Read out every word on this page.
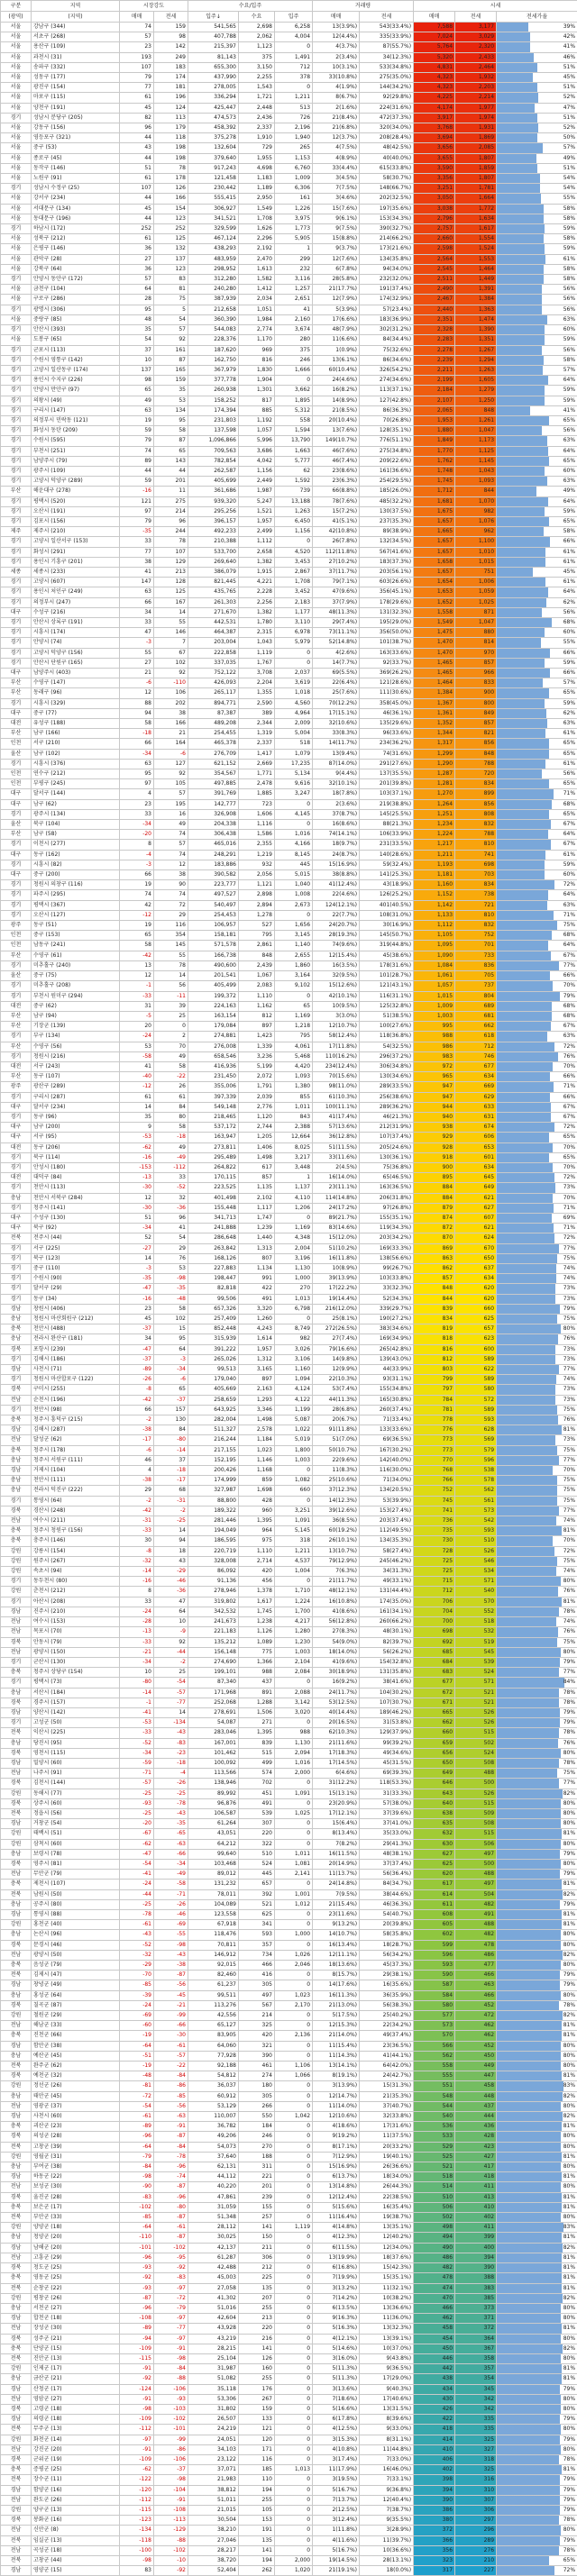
구분	지역	시장강도		수요/입주			거래량		시세		
(광역)	(지역)	매매	전세	입주↓	수요	입주	매매	전세	매매	전세	전세가율
서울	강남구 (344)	74	159	541,565	2,698	6,258	13(3.9%)	543(33.4%)	7,588	3,177	39%

서울	서초구 (268)	57	98	407,788	2,062	4,004	12(4.4%)	335(33.9%)	7,024	3,029	42%

서울	용산구 (109)	23	142	215,397	1,123	0	4(3.7%)	87(55.7%)	5,764	2,320	41%

서울	과천시 (31)	193	249	81,143	375	1,491	2(3.4%)	34(12.3%)	5,320	2,433	46%

서울	송파구 (332)	107	183	655,300	3,150	712	10(3.1%)	533(34.8%)	4,831	2,464	51%

서울	성동구 (177)	79	174	437,990	2,255	378	33(10.8%)	275(35.0%)	4,323	1,932	45%

서울	광진구 (154)	77	181	278,005	1,543	0	4(1.9%)	144(34.2%)	4,323	2,203	51%

서울	마포구 (115)	61	196	336,294	1,721	1,211	8(6.7%)	92(29.8%)	4,225	2,214	52%

서울	양천구 (191)	45	124	425,447	2,448	513	2(1.6%)	224(31.6%)	4,174	1,977	47%

경기	성남시 분당구 (205)	82	113	474,573	2,436	726	21(8.4%)	472(37.3%)	3,917	1,974	51%

서울	강동구 (156)	96	179	458,392	2,337	2,196	21(6.8%)	320(34.0%)	3,768	1,931	52%

서울	영등포구 (321)	44	118	375,278	1,910	1,940	12(3.7%)	208(28.4%)	3,694	1,869	50%

서울	중구 (53)	43	198	132,604	729	265	4(7.5%)	48(42.5%)	3,656	2,085	57%

서울	종로구 (45)	44	198	379,640	1,955	1,153	4(8.9%)	40(40.0%)	3,655	1,807	49%

서울	동작구 (146)	51	78	917,243	4,698	6,760	33(4.4%)	615(33.8%)	3,590	1,859	51%

서울	노원구 (91)	61	178	121,458	1,183	1,009	3(4.5%)	58(30.7%)	3,356	1,807	54%

경기	성남시 수정구 (25)	107	126	230,442	1,189	6,306	7(7.5%)	148(66.7%)	3,251	1,781	54%

서울	강서구 (234)	44	166	555,415	2,950	161	3(4.6%)	202(32.5%)	3,050	1,664	55%

서울	서대문구 (134)	45	154	306,927	1,549	1,226	15(7.6%)	197(35.6%)	3,038	1,772	58%

서울	동대문구 (196)	44	123	341,521	1,708	3,975	9(6.1%)	153(34.3%)	2,796	1,634	58%

경기	하남시 (172)	252	252	329,599	1,626	1,773	9(7.5%)	390(32.7%)	2,757	1,617	59%

서울	성북구 (212)	61	125	467,124	2,296	5,905	15(8.8%)	214(66.2%)	2,660	1,554	58%

서울	은평구 (146)	36	132	438,293	2,192	1	9(3.7%)	173(21.6%)	2,598	1,524	59%

서울	관악구 (28)	27	137	483,959	2,470	299	12(7.6%)	134(35.8%)	2,564	1,553	61%

서울	강북구 (64)	36	123	298,952	1,613	232	6(7.8%)	94(34.0%)	2,545	1,464	58%

경기	안양시 동안구 (172)	57	83	312,280	1,582	3,116	28(5.8%)	232(32.0%)	2,511	1,449	58%

서울	금천구 (104)	64	81	240,280	1,412	1,257	21(17.7%)	191(37.4%)	2,490	1,391	56%

서울	구로구 (286)	28	75	387,939	2,034	2,651	12(7.9%)	174(32.9%)	2,467	1,384	56%

경기	광명시 (306)	95	5	212,658	1,051	41	5(3.9%)	57(23.4%)	2,440	1,363	56%

서울	중랑구 (85)	48	54	360,390	1,984	2,160	17(6.6%)	183(36.9%)	2,351	1,474	63%

경기	안산시 (393)	35	57	544,083	2,774	3,674	48(7.9%)	302(31.2%)	2,328	1,390	60%

서울	도봉구 (65)	54	92	228,376	1,170	280	11(6.6%)	84(34.4%)	2,283	1,351	59%

경기	군포시 (113)	37	161	187,620	969	375	1(0.9%)	75(32.6%)	2,278	1,267	56%

경기	수원시 영통구 (142)	10	87	162,750	816	246	13(6.1%)	86(34.6%)	2,239	1,294	58%

경기	고양시 일산동구 (174)	137	165	367,979	1,830	1,666	60(10.4%)	326(54.2%)	2,211	1,263	57%

경기	용인시 수지구 (226)	98	159	377,778	1,904	0	24(4.6%)	274(34.6%)	2,199	1,605	64%

경기	안양시 만안구 (97)	65	35	260,938	1,301	3,662	16(8.2%)	113(37.1%)	2,184	1,279	59%

경기	의왕시 (49)	49	53	158,252	817	1,895	14(8.9%)	127(42.8%)	2,107	1,250	59%

경기	구리시 (147)	63	134	174,394	885	5,312	21(8.5%)	86(36.3%)	2,065	848	41%

경기	의정부시 민락동 (121)	19	95	231,803	1,192	558	20(10.4%)	70(26.8%)	1,953	1,261	65%

경기	화성시 동탄 (209)	59	58	137,598	1,057	1,594	13(7.6%)	128(35.1%)	1,880	1,047	56%

경기	수원시 (595)	79	87	1,096,866	5,996	13,790	149(10.7%)	776(51.1%)	1,849	1,173	63%

경기	부천시 (251)	74	65	709,563	3,686	1,663	46(7.6%)	275(34.8%)	1,770	1,125	64%

경기	남양주시 (79)	89	143	782,854	4,042	5,777	46(7.4%)	209(22.6%)	1,762	1,145	65%

경기	광주시 (109)	44	44	262,587	1,156	62	23(8.6%)	161(36.6%)	1,748	1,043	60%

경기	고양시 덕양구 (289)	59	201	405,699	2,449	1,592	23(6.3%)	254(29.5%)	1,745	1,093	63%

부산	해운대구 (278)	-16	11	361,686	1,987	739	66(8.8%)	185(26.0%)	1,712	844	49%

경기	평택시 (520)	121	275	939,320	5,247	13,188	78(7.6%)	485(32.2%)	1,681	1,070	64%

경기	오산시 (191)	97	214	295,256	1,521	1,263	15(7.2%)	130(37.5%)	1,675	982	59%

경기	김포시 (156)	79	96	396,157	1,957	6,450	41(5.1%)	237(35.3%)	1,657	1,076	65%

제주	제주시 (210)	-35	244	492,233	2,499	1,156	42(10.8%)	89(38.9%)	1,665	962	58%

경기	고양시 일산서구 (153)	33	78	210,388	1,112	0	26(7.8%)	132(34.5%)	1,657	1,100	66%

경기	화성시 (291)	77	107	533,700	2,658	4,520	112(11.8%)	567(41.6%)	1,657	1,010	61%

경기	용인시 기흥구 (201)	38	129	269,640	1,382	3,453	27(10.2%)	183(37.3%)	1,658	1,015	61%

세종	세종시 (233)	41	213	386,079	1,915	2,867	37(11.7%)	203(56.1%)	1,657	751	45%

경기	고양시 (607)	147	128	821,445	4,221	1,708	79(7.1%)	603(26.6%)	1,654	1,006	61%

경기	용인시 처인구 (249)	63	125	435,765	2,228	3,452	47(9.6%)	356(45.1%)	1,653	1,059	64%

경기	의정부시 (247)	66	167	261,303	2,256	2,183	37(7.9%)	178(29.6%)	1,652	1,025	62%

대구	수성구 (216)	34	14	271,670	1,382	1,177	48(11.3%)	131(32.3%)	1,558	871	56%

경기	안산시 상록구 (191)	33	55	442,531	1,780	3,110	29(7.4%)	195(29.0%)	1,549	1,047	68%

경기	시흥시 (174)	47	146	464,387	2,315	6,978	73(11.1%)	356(50.0%)	1,475	880	60%

경기	안양시 (74)	-3	7	203,004	1,043	5,979	52(14.8%)	101(38.7%)	1,470	814	55%

경기	고양시 덕양구 (156)	55	67	222,858	1,119	0	4(2.6%)	163(33.6%)	1,470	970	66%

경기	안산시 단원구 (165)	27	102	337,035	1,767	0	14(7.7%)	92(33.7%)	1,465	857	59%

대구	남양주시 (403)	21	92	752,122	3,708	2,037	69(5.5%)	369(26.2%)	1,465	966	66%

부산	수영구 (147)	-6	-110	426,093	2,204	3,619	22(6.4%)	121(28.6%)	1,464	833	57%

부산	동래구 (96)	12	106	265,117	1,355	1,018	25(7.6%)	111(30.6%)	1,384	900	65%

경기	시흥시 (329)	88	202	894,771	2,590	4,560	70(12.2%)	358(45.0%)	1,367	800	59%

대구	중구 (77)	94	38	87,387	389	4,964	17(15.1%)	46(36.1%)	1,361	849	62%

대전	유성구 (188)	58	166	489,208	2,344	2,009	32(10.6%)	135(29.6%)	1,352	857	63%

부산	남구 (166)	-18	21	254,455	1,319	5,004	33(8.3%)	96(33.6%)	1,344	821	61%

인천	서구 (210)	66	164	465,378	2,337	518	14(11.7%)	234(36.2%)	1,317	856	65%

울산	남구 (102)	-34	-6	276,709	1,417	1,079	13(9.4%)	74(31.6%)	1,299	848	65%

경기	시흥시 (376)	63	127	621,152	2,669	17,235	87(14.0%)	291(27.6%)	1,290	788	61%

인천	연수구 (212)	95	92	354,567	1,771	5,134	9(4.4%)	137(35.5%)	1,287	720	56%

인천	부평구 (245)	97	105	497,885	2,478	9,616	32(10.1%)	201(39.8%)	1,281	834	65%

대구	달서구 (144)	4	57	391,769	1,885	3,247	18(7.8%)	103(37.1%)	1,270	899	71%

대구	남구 (62)	23	195	142,777	723	0	2(3.6%)	219(38.8%)	1,264	856	68%

경기	광주시 (134)	33	16	326,908	1,606	4,145	37(8.7%)	145(25.5%)	1,251	808	65%

울산	북구 (104)	-34	49	204,338	1,116	0	16(8.6%)	88(21.3%)	1,234	832	67%

부산	남구 (58)	-20	74	306,438	1,586	1,016	74(14.1%)	106(33.9%)	1,224	788	64%

경기	이천시 (277)	8	57	465,016	2,355	4,166	18(9.7%)	231(33.5%)	1,217	810	67%

대구	동구 (162)	-4	74	248,291	1,219	8,145	24(8.7%)	140(28.6%)	1,211	741	61%

경기	시흥시 (82)	-3	12	183,886	932	445	15(16.9%)	59(32.4%)	1,193	698	59%

대구	중구 (200)	66	38	390,582	2,056	5,015	38(8.8%)	141(25.3%)	1,181	703	60%

경기	청원시 의창구 (116)	19	90	223,777	1,121	1,040	41(12.4%)	43(18.9%)	1,160	834	72%

경기	파주시 (295)	74	74	497,527	2,898	1,008	22(4.6%)	126(25.2%)	1,152	738	64%

경기	평택시 (367)	42	72	540,497	2,894	2,673	124(12.1%)	401(40.5%)	1,142	721	63%

경기	오산시 (127)	-12	29	254,453	1,278	0	22(7.7%)	108(31.0%)	1,133	810	71%

광주	동구 (51)	19	116	106,957	527	1,656	24(20.7%)	30(16.9%)	1,112	832	75%

인천	중구 (153)	65	354	158,181	795	3,145	28(19.3%)	145(50.7%)	1,105	752	68%

인천	남동구 (241)	58	145	571,578	2,861	1,140	74(9.6%)	319(44.8%)	1,095	701	64%

부산	수영구 (61)	-42	55	166,738	848	2,655	12(15.4%)	45(38.6%)	1,090	733	67%

경기	미추홀구 (240)	13	78	490,600	2,439	1,860	16(3.5%)	178(31.6%)	1,084	836	77%

울산	중구 (75)	12	14	201,541	1,067	3,164	32(9.5%)	101(28.7%)	1,061	705	66%

경기	미추홀구 (208)	-1	56	405,499	2,083	9,102	15(12.6%)	121(43.1%)	1,057	737	70%

경기	부천시 원미구 (294)	-33	-11	199,372	1,110	0	42(10.1%)	116(31.1%)	1,015	804	79%

대전	중구 (62)	31	39	224,163	1,162	65	10(9.5%)	125(32.8%)	1,009	689	68%

부산	남구 (94)	-5	25	163,154	812	1,169	3(3.0%)	51(38.5%)	1,003	681	68%

부산	기장군 (139)	20	0	179,084	897	1,218	12(10.7%)	100(27.6%)	995	662	67%

경기	부구 (134)	-24	2	274,881	1,423	795	58(12.4%)	118(36.8%)	988	618	63%

부산	수영구 (56)	53	70	276,008	1,339	4,061	17(11.8%)	54(32.5%)	986	712	72%

경기	청원시 (216)	-58	49	658,546	3,236	5,468	110(16.2%)	296(37.2%)	983	746	76%

대전	서구 (243)	41	58	416,936	5,199	4,420	234(12.4%)	306(34.8%)	972	677	70%

부산	동구 (107)	-40	-22	231,450	2,072	1,093	70(15.6%)	130(34.6%)	965	634	66%

광주	광산구 (289)	-12	26	355,006	1,791	1,380	98(11.0%)	289(33.5%)	947	669	71%

경기	구리시 (287)	61	61	397,339	2,039	855	61(10.3%)	256(38.6%)	947	629	66%

대구	달서구 (234)	14	84	549,148	2,776	1,011	100(11.1%)	289(36.2%)	944	633	67%

경기	동구 (96)	35	80	218,465	1,120	843	41(17.4%)	46(21.3%)	940	631	67%

대구	남구 (200)	9	58	537,172	2,744	2,388	57(13.6%)	212(31.9%)	938	674	72%

대구	서구 (95)	-53	-18	163,947	1,205	12,664	36(12.8%)	107(37.4%)	929	606	65%

대전	동구 (206)	-62	49	273,811	1,406	8,025	51(11.5%)	205(24.6%)	928	653	70%

경기	북구 (114)	-16	-49	295,489	1,498	3,217	33(11.6%)	130(36.1%)	918	601	65%

경기	안성시 (180)	-153	-112	264,822	617	3,448	2(4.5%)	75(36.8%)	900	634	70%

대전	대덕구 (84)	-13	33	170,115	857	1	16(14.0%)	65(46.5%)	895	645	72%

경기	천안시 (113)	-30	-52	223,525	1,135	1,137	23(11.1%)	163(36.5%)	884	649	73%

충남	천안시 서북구 (284)	12	32	401,498	2,102	4,110	114(14.8%)	206(31.8%)	884	621	70%

경기	청주시 (141)	-30	-36	155,448	1,117	1,206	24(17.2%)	97(26.8%)	879	627	71%

대구	수성구 (130)	51	96	341,713	1,747	0	89(21.7%)	155(35.1%)	874	607	69%

대구	북구 (92)	-34	41	241,888	1,239	1,169	83(14.6%)	119(34.3%)	872	621	71%

전북	전주시 (44)	52	54	286,648	1,440	4,348	15(12.0%)	203(34.2%)	870	624	72%

경기	서구 (225)	-27	29	263,842	1,313	2,004	51(10.2%)	169(33.3%)	869	670	77%

경기	북구 (123)	14	76	168,126	807	3,196	16(11.8%)	138(56.6%)	863	650	75%

경기	중구 (110)	-3	53	227,883	1,134	1,130	10(8.9%)	99(26.7%)	862	637	74%

경기	수원시 (90)	-35	-98	198,447	991	1,000	39(13.9%)	103(33.8%)	857	634	74%

경기	달서구 (29)	-47	-35	82,818	422	270	17(22.2%)	33(32.3%)	848	620	73%

경기	동구 (34)	-16	-48	99,506	491	1,013	19(14.4%)	52(34.3%)	844	620	73%

경남	창원시 (406)	23	58	657,326	3,320	6,798	216(12.0%)	339(29.7%)	839	660	79%

충남	청원시 마산회원구 (212)	45	102	257,409	1,260	0	25(8.1%)	190(27.2%)	834	625	75%

충북	천안시 (488)	-37	15	852,448	4,243	8,749	272(26.5%)	383(34.6%)	819	657	80%

충남	전라시 완산구 (181)	34	95	315,939	1,614	982	27(7.4%)	169(34.9%)	818	623	76%

경북	포항시 (239)	-47	64	391,222	1,957	3,026	79(16.6%)	265(42.8%)	816	600	73%

경기	김해시 (186)	-37	-3	265,026	1,312	3,106	14(9.8%)	139(43.0%)	812	589	73%

경남	사천시 (71)	-89	-34	99,513	3,165	1,160	12(9.9%)	44(33.9%)	803	622	77%

경기	청원시 마산합포구 (122)	-26	-6	179,040	897	1,094	22(10.3%)	93(31.1%)	799	589	74%

경북	구미시 (255)	-8	65	405,669	2,163	4,124	53(7.4%)	155(34.8%)	797	580	73%

전남	순천시 (196)	-42	-37	258,659	1,293	4,122	44(11.3%)	165(30.8%)	784	572	73%

경기	천안시 (98)	66	157	643,925	3,346	1,199	28(6.8%)	260(37.4%)	781	589	75%

충북	청주시 흥덕구 (215)	-2	130	282,004	1,498	5,087	20(6.7%)	71(33.4%)	778	593	76%

경남	김해시 (287)	-38	84	511,327	2,578	1,022	91(11.8%)	133(33.6%)	776	628	81%

전남	달성군 (62)	-17	-80	216,244	1,184	5,019	51(7.0%)	69(36.5%)	773	569	73%

충북	청주시 (178)	-6	-14	217,155	1,023	1,800	50(10.7%)	167(30.2%)	773	579	75%

충남	청주시 서원구 (111)	46	37	152,195	1,146	1,003	22(9.6%)	142(40.0%)	770	596	77%

경남	거제시 (104)	4	-18	200,426	1,168	0	11(8.3%)	116(30.0%)	768	538	70%

충남	천안시 (111)	-38	-17	174,999	859	1,082	25(10.6%)	71(34.0%)	766	578	75%

충남	전라시 덕진구 (222)	29	68	327,987	1,698	660	37(12.3%)	134(20.5%)	752	562	75%

경기	통영시 (64)	-2	-31	88,800	428	0	14(12.3%)	53(39.9%)	745	561	75%

경북	경산시 (248)	-42	-2	189,322	960	3,251	39(12.6%)	153(27.4%)	741	573	77%

전남	여수시 (211)	-31	-25	281,446	1,395	1,091	36(8.5%)	203(37.4%)	736	542	74%

충북	청주시 청원구 (156)	-33	14	194,049	964	5,145	60(19.2%)	112(49.5%)	735	593	81%

충북	충주시 (146)	30	94	186,595	975	318	26(10.1%)	134(35.3%)	730	510	70%

강원	강릉시 (154)	-8	18	220,719	1,110	1,211	13(10.7%)	58(27.4%)	728	526	72%

강원	원주시 (267)	-32	43	328,008	2,714	4,537	79(12.9%)	245(46.2%)	725	546	75%

강원	속초시 (94)	-14	-29	86,092	420	1,004	7(6.3%)	34(31.3%)	725	534	74%

경기	동두천시 (80)	-16	-46	91,136	456	0	21(11.7%)	49(33.1%)	715	571	80%

강원	춘천시 (212)	8	-36	278,946	1,378	1,710	48(12.1%)	131(44.4%)	712	540	76%

경기	아산시 (208)	33	47	319,802	1,617	1,224	16(10.8%)	174(35.0%)	706	570	81%

경남	진주시 (210)	-24	64	342,532	1,745	1,700	41(8.6%)	161(34.1%)	704	552	78%

전남	여수시 (153)	-28	10	241,673	1,238	4,217	56(12.8%)	260(66.2%)	700	518	74%

전남	목포시 (70)	-13	-9	221,183	1,126	1,280	27(8.3%)	48(30.1%)	698	532	76%

경북	안동시 (79)	-33	92	135,212	1,089	1,230	54(9.0%)	82(39.7%)	692	519	75%

전남	광양시 (150)	-21	-44	156,148	775	1,003	18(14.0%)	56(26.2%)	685	545	80%

경기	군산시 (130)	-34	-2	274,690	1,366	2,104	41(9.6%)	154(32.8%)	684	539	79%

충북	청주시 상당구 (154)	10	25	199,101	988	2,084	30(18.9%)	131(35.8%)	683	524	77%

경기	평택시 (73)	-80	-54	87,340	437	0	16(9.2%)	38(41.6%)	677	571	84%

충남	서산시 (184)	-14	-57	171,968	891	2,088	24(11.7%)	104(30.2%)	672	521	78%

경북	경주시 (157)	-1	-77	252,068	1,288	3,142	53(12.5%)	107(30.7%)	671	521	78%

경남	양산시 (142)	-41	14	278,691	1,506	3,020	40(14.4%)	189(46.2%)	665	526	79%

경기	고성군 (50)	-53	-134	54,087	271	0	20(16.5%)	31(53.8%)	662	526	79%

전북	익산시 (225)	-33	-43	283,046	1,395	988	62(10.3%)	129(37.9%)	660	515	78%

충남	당진시 (95)	-52	-83	167,001	839	1,130	21(11.6%)	99(39.2%)	659	502	76%

경북	영천시 (115)	-34	-23	101,462	515	2,094	17(18.3%)	49(34.6%)	656	524	80%

경남	밀양시 (60)	-59	-18	100,092	499	1,016	17(14.5%)	45(31.5%)	650	508	78%

전남	나주시 (91)	-71	-4	113,566	574	2,000	6(4.6%)	69(39.3%)	649	488	75%

경북	김천시 (144)	-57	-26	138,946	702	0	31(12.2%)	118(53.3%)	646	500	77%

강원	동해시 (77)	-25	-25	89,992	451	1,091	15(13.1%)	31(33.3%)	643	526	82%

경북	상주시 (60)	-93	-78	96,876	491	0	23(20.9%)	57(38.0%)	640	515	80%

전북	정읍시 (56)	-25	-43	106,587	539	1,025	17(12.1%)	37(39.6%)	638	509	80%

경남	거창군 (54)	-20	-35	61,264	307	0	15(6.4%)	37(41.0%)	635	508	80%

강원	태백시 (51)	-67	-65	43,051	220	0	8(13.4%)	35(33.0%)	632	515	81%

강원	삼척시 (60)	-62	-63	64,212	322	0	7(8.2%)	29(41.3%)	630	506	80%

충남	보령시 (78)	-47	-66	99,640	510	1,011	16(11.5%)	48(38.1%)	627	497	79%

경북	영주시 (81)	-54	-34	103,468	524	1,081	20(14.9%)	37(37.4%)	625	500	80%

전남	무안군 (79)	-41	-49	89,012	445	2,141	11(13.7%)	56(36.4%)	620	488	79%

충북	제천시 (107)	-24	-58	131,232	657	0	24(14.8%)	84(34.7%)	617	497	81%

전북	남원시 (50)	-44	-71	78,011	392	1,001	7(9.5%)	38(44.6%)	614	504	82%

충남	공주시 (80)	-25	-26	104,089	521	1,012	21(15.4%)	46(36.3%)	611	482	79%

경남	통영시 (88)	-78	-46	123,558	625	0	23(11.6%)	54(40.7%)	608	491	81%

강원	홍천군 (40)	-61	-69	67,918	341	0	9(13.2%)	20(39.8%)	605	488	81%

충남	논산시 (96)	-43	-55	118,476	593	1,000	14(10.7%)	58(35.8%)	602	482	80%

경북	문경시 (46)	-52	-98	70,811	357	0	16(13.4%)	18(28.7%)	599	478	80%

전남	광양시 (50)	-32	-43	146,912	734	1,026	12(11.1%)	56(34.2%)	596	486	82%

충북	음성군 (79)	-29	-38	92,015	466	2,046	18(13.6%)	45(37.3%)	593	477	80%

전북	김제시 (47)	-70	-87	82,460	416	0	8(15.7%)	29(38.1%)	590	466	79%

경남	창녕군 (49)	-85	-56	61,237	305	0	14(17.6%)	16(35.6%)	587	463	79%

충남	홍성군 (64)	-39	-45	99,511	497	1,023	16(11.3%)	36(35.9%)	584	466	80%

경북	칠곡군 (87)	-24	-21	113,276	567	2,170	21(13.0%)	56(38.3%)	580	452	78%

강원	철원군 (29)	-69	-99	42,556	214	0	5(17.5%)	25(40.2%)	577	472	82%

전남	해남군 (33)	-60	-66	65,127	325	0	12(15.3%)	22(34.2%)	573	462	81%

충북	진천군 (66)	-19	-30	83,905	420	2,136	21(14.0%)	49(37.4%)	570	462	81%

경남	함안군 (38)	-64	-61	64,060	321	0	11(15.4%)	23(36.5%)	566	452	80%

충남	예산군 (45)	-51	-57	77,928	390	0	11(14.3%)	41(44.1%)	562	450	80%

전북	완주군 (62)	-19	-22	92,188	461	1,106	13(14.1%)	64(42.0%)	558	449	80%

경북	예천군 (32)	-48	-84	54,812	274	1,066	8(19.1%)	24(42.7%)	555	447	81%

강원	정선군 (26)	-81	-86	36,037	180	0	3(13.9%)	15(31.3%)	551	458	83%

충남	태안군 (45)	-72	-85	60,912	305	0	12(14.7%)	21(35.3%)	548	448	82%

전남	영광군 (37)	-54	-56	53,129	266	0	11(14.0%)	37(40.7%)	544	437	80%

경남	사천시 (60)	-61	-63	110,007	550	1,042	12(10.6%)	32(33.8%)	540	444	82%

충북	괴산군 (23)	-89	-91	36,782	184	0	4(18.6%)	17(31.6%)	536	436	81%

경북	의성군 (28)	-96	-87	49,206	246	0	9(19.2%)	11(37.5%)	533	428	80%

전북	고창군 (39)	-64	-84	54,073	270	0	8(17.1%)	20(33.2%)	529	423	80%

강원	영월군 (31)	-79	-78	37,640	188	0	7(12.9%)	19(40.1%)	525	427	81%

충남	부여군 (38)	-84	-96	62,131	311	0	15(16.9%)	26(36.6%)	521	417	80%

경남	하동군 (22)	-98	-74	44,112	221	0	6(13.7%)	18(34.0%)	518	418	81%

전남	보성군 (30)	-90	-87	40,220	201	0	13(14.8%)	26(44.3%)	514	411	80%

경북	울진군 (28)	-83	-96	47,861	239	0	12(12.4%)	22(38.5%)	510	413	81%

충북	보은군 (17)	-102	-80	31,059	155	0	5(15.6%)	16(35.4%)	506	410	81%

전북	부안군 (33)	-85	-87	51,348	257	0	11(16.4%)	19(38.7%)	502	402	80%

강원	양양군 (18)	-64	-61	28,112	141	1,119	4(14.8%)	13(35.1%)	498	411	83%

충남	청양군 (20)	-110	-87	30,025	150	0	4(12.3%)	12(40.2%)	494	399	81%

경남	남해군 (20)	-101	-102	42,137	211	0	6(11.5%)	12(34.0%)	490	400	82%

전남	고흥군 (29)	-96	-95	61,287	306	0	13(19.9%)	18(37.6%)	486	394	81%

경북	청도군 (25)	-93	-92	42,488	212	0	6(16.8%)	15(42.3%)	482	390	81%

충북	영동군 (25)	-92	-83	45,003	225	0	7(19.9%)	15(35.1%)	478	388	81%

전북	순창군 (22)	-93	-97	27,058	135	0	3(13.2%)	11(32.1%)	474	383	81%

강원	평창군 (26)	-87	-72	41,302	207	0	7(14.2%)	10(38.2%)	470	385	82%

충남	서천군 (27)	-96	-79	51,016	255	0	6(13.5%)	13(36.6%)	466	373	80%

경남	합천군 (18)	-108	-97	42,604	213	0	9(16.3%)	11(36.0%)	462	371	80%

전남	장성군 (30)	-89	-77	43,928	220	0	5(16.3%)	13(32.3%)	458	372	81%

경북	성주군 (21)	-94	-97	43,219	216	0	4(12.1%)	13(39.1%)	454	364	80%

충북	단양군 (15)	-109	-91	28,215	141	0	5(14.6%)	10(37.0%)	450	367	82%

전북	진안군 (13)	-115	-98	25,104	126	0	3(16.0%)	9(43.8%)	446	358	80%

강원	인제군 (17)	-91	-84	31,987	160	0	5(11.3%)	9(36.5%)	442	357	81%

충남	금산군 (21)	-92	-88	51,082	255	0	5(11.3%)	17(29.0%)	438	354	81%

경남	산청군 (17)	-124	-106	35,118	176	0	3(13.6%)	9(40.3%)	434	345	79%

전남	영암군 (27)	-91	-93	53,306	267	0	7(18.6%)	17(40.6%)	430	342	80%

경북	고령군 (18)	-98	-103	31,802	159	0	5(16.6%)	13(31.5%)	426	342	80%

경남	의령군 (18)	-109	-102	26,507	133	0	6(17.8%)	8(39.6%)	422	335	79%

전북	무주군 (13)	-112	-101	24,219	121	0	4(12.5%)	9(33.0%)	418	335	80%

강원	화천군 (14)	-97	-99	24,051	120	0	3(15.3%)	8(31.1%)	414	325	79%

전남	강진군 (20)	-91	-86	34,103	171	0	4(10.8%)	11(44.8%)	410	327	80%

경북	군위군 (19)	-109	-106	23,122	116	0	3(17.4%)	7(33.0%)	406	318	78%

충북	증평군 (25)	-62	-37	37,071	185	1,013	11(17.9%)	16(46.0%)	402	325	81%

전북	장수군 (11)	-122	-98	21,983	110	0	3(19.5%)	7(33.1%)	398	316	79%

경남	함양군 (16)	-120	-104	38,812	194	0	5(16.7%)	9(36.8%)	394	310	79%

전남	완도군 (26)	-112	-91	51,011	255	0	7(13.7%)	12(40.4%)	390	307	79%

강원	양구군 (13)	-115	-108	21,015	105	0	2(12.5%)	7(38.7%)	386	306	79%

경북	봉화군 (16)	-123	-113	30,504	153	0	3(12.4%)	9(35.5%)	380	297	78%

전남	신안군 (8)	-134	-129	38,210	191	0	1(11.8%)	3(28.9%)	372	296	80%

전북	임실군 (13)	-118	-88	27,046	135	0	4(11.6%)	11(39.7%)	366	289	79%

전남	곡성군 (18)	-100	-102	28,217	141	0	5(16.7%)	10(36.6%)	356	276	78%

전북	고창군 (44)	-98	-10	38,720	194	2,000	19(14.5%)	28(13.1%)	323	210	65%

경남	영양군 (15)	83	-92	52,404	262	1,020	21(19.1%)	18(0.0%)	317	227	72%
